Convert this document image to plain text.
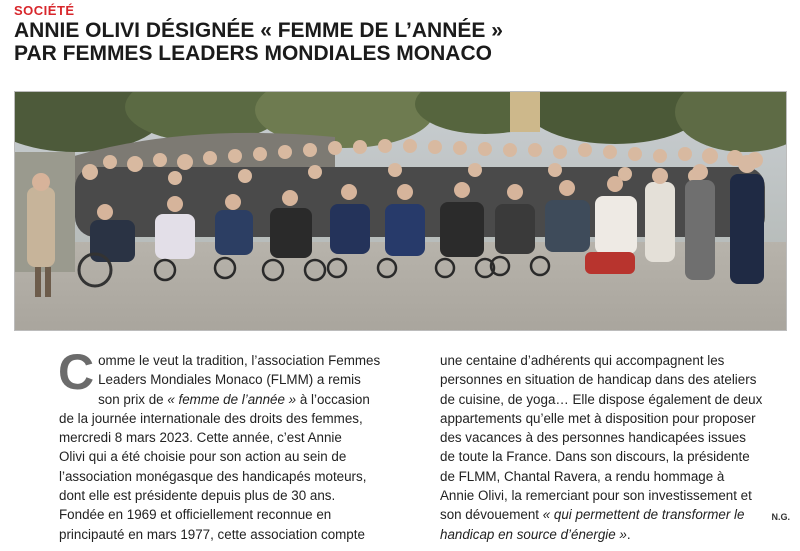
SOCIÉTÉ
ANNIE OLIVI DÉSIGNÉE « FEMME DE L’ANNÉE »
PAR FEMMES LEADERS MONDIALES MONACO

C omme le veut la tradition, l’association Femmes
Leaders Mondiales Monaco (FLMM) a remis
son prix de « femme de l’année » à l’occasion
de la journée internationale des droits des femmes,
mercredi 8 mars 2023. Cette année, c’est Annie
Olivi qui a été choisie pour son action au sein de
l’association monégasque des handicapés moteurs,
dont elle est présidente depuis plus de 30 ans.
Fondée en 1969 et officiellement reconnue en
principauté en mars 1977, cette association compte

une centaine d’adhérents qui accompagnent les
personnes en situation de handicap dans des ateliers
de cuisine, de yoga… Elle dispose également de deux
appartements qu’elle met à disposition pour proposer
des vacances à des personnes handicapées issues
de toute la France. Dans son discours, la présidente
de FLMM, Chantal Ravera, a rendu hommage à
Annie Olivi, la remerciant pour son investissement et
son dévouement « qui permettent de transformer le
handicap en source d’énergie ».

N.G.
